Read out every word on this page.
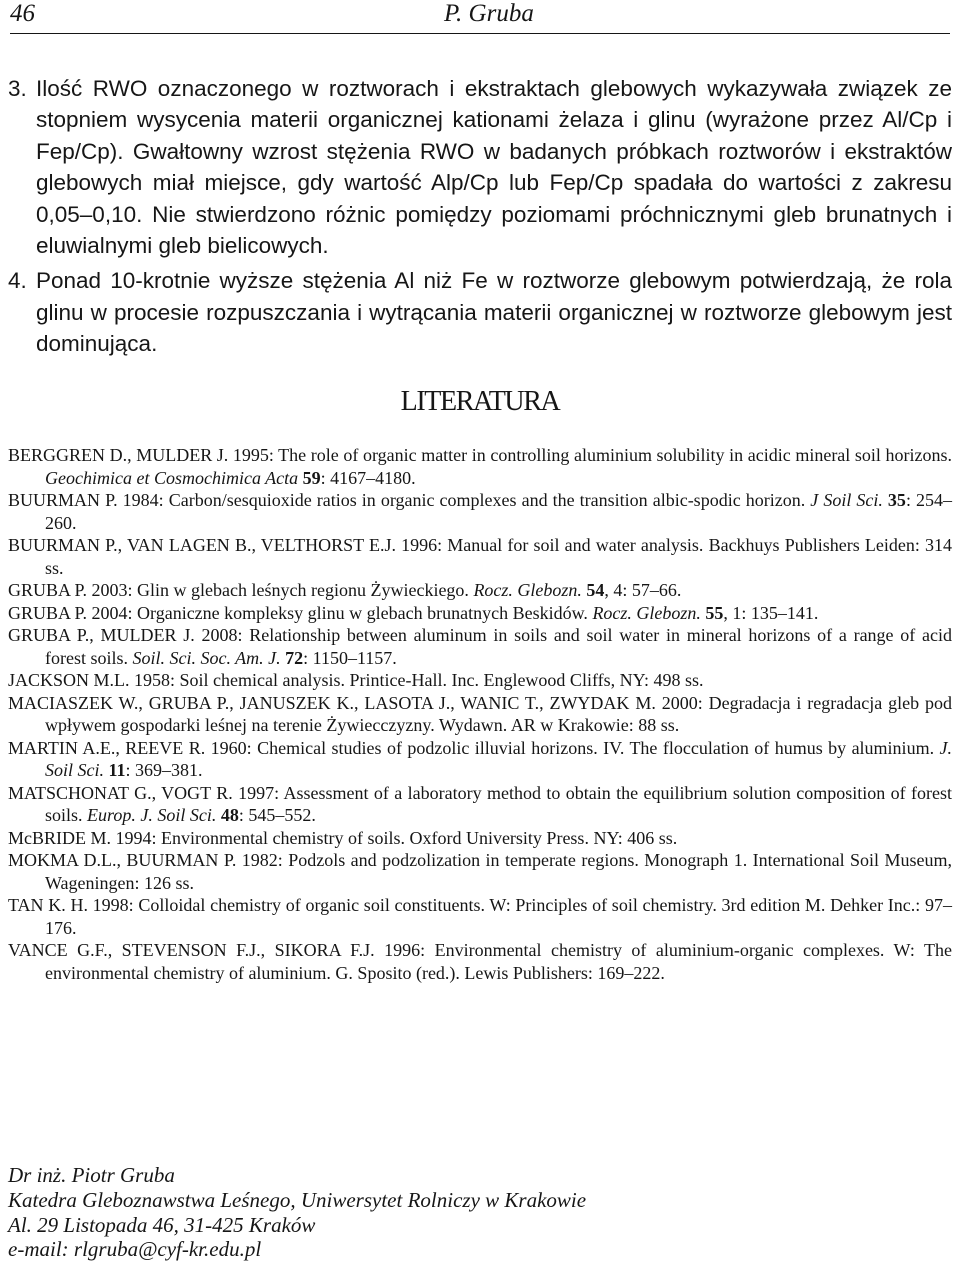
46	P. Gruba
3. Ilość RWO oznaczonego w roztworach i ekstraktach glebowych wykazywała związek ze stopniem wysycenia materii organicznej kationami żelaza i glinu (wyrażone przez Al/Cp i Fep/Cp). Gwałtowny wzrost stężenia RWO w badanych próbkach roztworów i ekstraktów glebowych miał miejsce, gdy wartość Alp/Cp lub Fep/Cp spadała do wartości z zakresu 0,05–0,10. Nie stwierdzono różnic pomiędzy poziomami próchnicznymi gleb brunatnych i eluwialnymi gleb bielicowych.
4. Ponad 10-krotnie wyższe stężenia Al niż Fe w roztworze glebowym potwierdzają, że rola glinu w procesie rozpuszczania i wytrącania materii organicznej w roztworze glebowym jest dominująca.
LITERATURA
BERGGREN D., MULDER J. 1995: The role of organic matter in controlling aluminium solubility in acidic mineral soil horizons. Geochimica et Cosmochimica Acta 59: 4167–4180.
BUURMAN P. 1984: Carbon/sesquioxide ratios in organic complexes and the transition albic-spodic horizon. J Soil Sci. 35: 254–260.
BUURMAN P., VAN LAGEN B., VELTHORST E.J. 1996: Manual for soil and water analysis. Backhuys Publishers Leiden: 314 ss.
GRUBA P. 2003: Glin w glebach leśnych regionu Żywieckiego. Rocz. Glebozn. 54, 4: 57–66.
GRUBA P. 2004: Organiczne kompleksy glinu w glebach brunatnych Beskidów. Rocz. Glebozn. 55, 1: 135–141.
GRUBA P., MULDER J. 2008: Relationship between aluminum in soils and soil water in mineral horizons of a range of acid forest soils. Soil. Sci. Soc. Am. J. 72: 1150–1157.
JACKSON M.L. 1958: Soil chemical analysis. Printice-Hall. Inc. Englewood Cliffs, NY: 498 ss.
MACIASZEK W., GRUBA P., JANUSZEK K., LASOTA J., WANIC T., ZWYDAK M. 2000: Degradacja i regradacja gleb pod wpływem gospodarki leśnej na terenie Żywiecczyzny. Wydawn. AR w Krakowie: 88 ss.
MARTIN A.E., REEVE R. 1960: Chemical studies of podzolic illuvial horizons. IV. The flocculation of humus by aluminium. J. Soil Sci. 11: 369–381.
MATSCHONAT G., VOGT R. 1997: Assessment of a laboratory method to obtain the equilibrium solution composition of forest soils. Europ. J. Soil Sci. 48: 545–552.
McBRIDE M. 1994: Environmental chemistry of soils. Oxford University Press. NY: 406 ss.
MOKMA D.L., BUURMAN P. 1982: Podzols and podzolization in temperate regions. Monograph 1. International Soil Museum, Wageningen: 126 ss.
TAN K. H. 1998: Colloidal chemistry of organic soil constituents. W: Principles of soil chemistry. 3rd edition M. Dehker Inc.: 97–176.
VANCE G.F., STEVENSON F.J., SIKORA F.J. 1996: Environmental chemistry of aluminium-organic complexes. W: The environmental chemistry of aluminium. G. Sposito (red.). Lewis Publishers: 169–222.
Dr inż. Piotr Gruba
Katedra Gleboznawstwa Leśnego, Uniwersytet Rolniczy w Krakowie
Al. 29 Listopada 46, 31-425 Kraków
e-mail: rlgruba@cyf-kr.edu.pl
